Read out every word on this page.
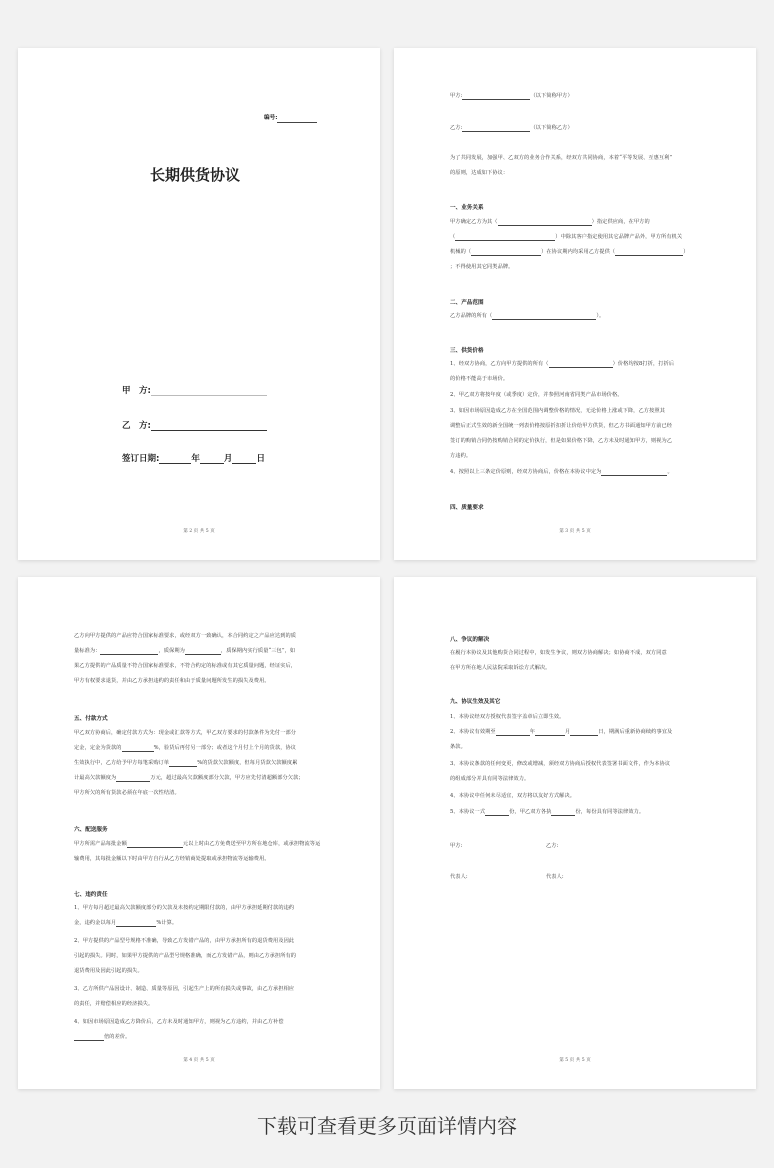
编号:
长期供货协议
甲　方:
乙　方:
签订日期:	年	月	日
第 2 页 共 5 页
甲方:	（以下简称甲方）
乙方:	（以下简称乙方）
为了共同发展，加强甲、乙双方的业务合作关系，经双方共同协商，本着“平等发展、互惠互利”
的原则，达成如下协议：
一、业务关系
甲方确定乙方为其（	）指定供应商，在甲方的
（	）中除其客户指定使用其它品牌产品外，甲方所有机关
机械的（	）在协议期内均采用乙方提供（	）
；不得使用其它同类品牌。
二、产品范围
乙方品牌的所有（	）。
三、供货价格
1、经双方协商，乙方向甲方提供的所有（	）价格均按8打折，打折后
的价格不能高于市场价。
2、甲乙双方将按年度（或季度）定价，并参照河南省同类产品市场价格。
3、如因市场原因造成乙方在全国范围内调整价格的情况，无论价格上涨或下降，乙方按照其
调整后正式生效的新全国统一列表价格按原折扣折让价给甲方供货，但乙方书面通知甲方前已经
签订的购销合同仍按购销合同的定价执行，但是如果价格下降，乙方未及时通知甲方，则视为乙
方违约。
4、按照以上三条定价原则，经双方协商后，价格在本协议中定为	。
四、质量要求
第 3 页 共 5 页
乙方向甲方提供的产品应符合国家标准要求，或经双方一致确认，本合同约定之产品应达到的质
量标准为：	，质保期为	，质保期内实行质量“三包”，如
果乙方提供的产品质量不符合国家标准要求，不符合约定的标准或有其它质量问题，经证实后，
甲方有权要求退货，并由乙方承担违约的责任和由于质量问题所发生的损失及费用。
五、付款方式
甲乙双方协商后，确定付款方式为：现金或汇款等方式，甲乙双方要求的付款条件为先付一部分
定金，定金为货款的	%，验货后再付另一部分；或者这个月付上个月的货款，协议
生效执行中，乙方给予甲方每笔采购订单	%的货款欠款额度，但每月货款欠款额度累
计最高欠款额度为	万元，超过最高欠款额度部分欠款，甲方应先付清超额部分欠款；
甲方所欠的所有货款必须在年底一次性结清。
六、配送服务
甲方所需产品每批金额	元以上时由乙方免费送至甲方所在地仓库，或承担物流等运
输费用，其每批金额以下时由甲方自行从乙方经销商处提取或承担物流等运输费用。
七、违约责任
1、甲方每月超过最高欠款额度部分的欠款及未按约定期限付款的，由甲方承担延期付款的违约
金，违约金以每月	%计算。
2、甲方提供的产品型号规格不准确，导致乙方发错产品的，由甲方承担所有的退货费用及因此
引起的损失。同时，如果甲方提供的产品型号规格准确，而乙方发错产品，则由乙方承担所有的
退货费用及因此引起的损失。
3、乙方所供产品因设计、制造、质量等原因，引起生产上的所有损失或事故，由乙方承担相应
的责任，并赔偿相应的经济损失。
4、如因市场原因造成乙方降价后，乙方未及时通知甲方，则视为乙方违约，并由乙方补偿
倍的差价。
第 4 页 共 5 页
八、争议的解决
在履行本协议及其他购货合同过程中，如发生争议，则双方协商解决；如协商不成，双方同意
在甲方所在地人民法院采取诉讼方式解决。
九、协议生效及其它
1、本协议经双方授权代表签字盖章后立即生效。
2、本协议有效期至	年	月	日，期满后重新协商续约事宜及
条款。
3、本协议条款的任何变更，修改或增减，须经双方协商后授权代表签署书面文件，作为本协议
的组成部分并具有同等法律效力。
4、本协议中任何未尽适宜，双方将以友好方式解决。
5、本协议一式	份，甲乙双方各执	份，每份具有同等法律效力。
甲方:	乙方:
代表人:	代表人:
第 5 页 共 5 页
下载可查看更多页面详情内容
